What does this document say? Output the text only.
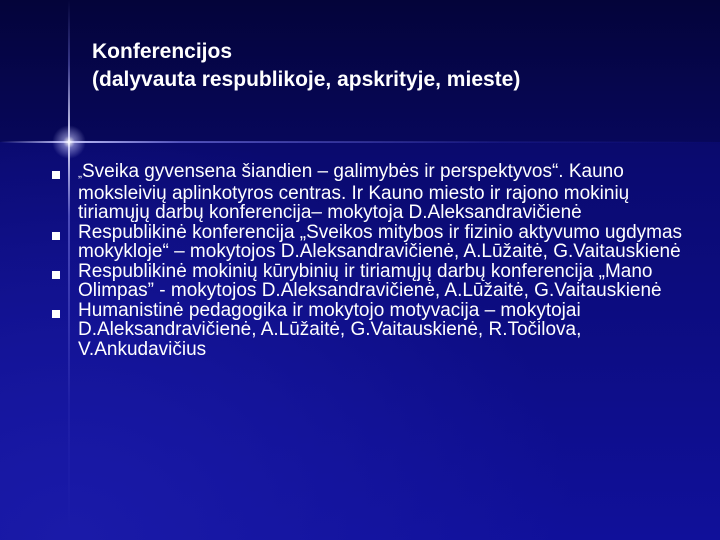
Konferencijos
(dalyvauta respublikoje, apskrityje, mieste)
„Sveika gyvensena šiandien – galimybės ir perspektyvos“. Kauno moksleivių aplinkotyros centras. Ir Kauno miesto ir rajono mokinių tiriamųjų darbų konferencija– mokytoja D.Aleksandravičienė
Respublikinė konferencija „Sveikos mitybos ir fizinio aktyvumo ugdymas mokykloje“ – mokytojos D.Aleksandravičienė, A.Lūžaitė, G.Vaitauskienė
Respublikinė mokinių kūrybinių ir tiriamųjų darbų konferencija „Mano Olimpas” - mokytojos D.Aleksandravičienė, A.Lūžaitė, G.Vaitauskienė
Humanistinė pedagogika ir mokytojo motyvacija – mokytojai D.Aleksandravičienė, A.Lūžaitė, G.Vaitauskienė, R.Točilova, V.Ankudavičius
